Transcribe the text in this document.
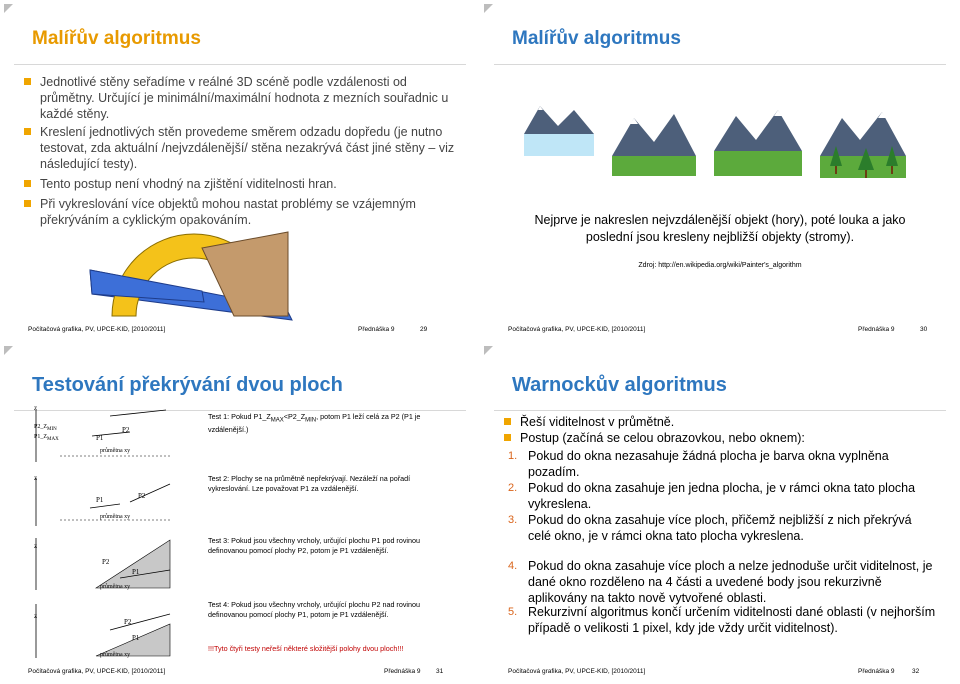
Malířův algoritmus
Jednotlivé stěny seřadíme v reálné 3D scéně podle vzdálenosti od průmětny. Určující je minimální/maximální hodnota z mezních souřadnic u každé stěny.
Kreslení jednotlivých stěn provedeme směrem odzadu dopředu (je nutno testovat, zda aktuální /nejvzdálenější/ stěna nezakrývá část jiné stěny – viz následující testy).
Tento postup není vhodný na zjištění viditelnosti hran.
Při vykreslování více objektů mohou nastat problémy se vzájemným překrýváním a cyklickým opakováním.
Počítačová grafika, PV, UPCE-KID, [2010/2011]	Přednáška 9	29
Malířův algoritmus
Nejprve je nakreslen nejvzdálenější objekt (hory), poté louka a jako poslední jsou kresleny nejbližší objekty (stromy).
Zdroj: http://en.wikipedia.org/wiki/Painter's_algorithm
Počítačová grafika, PV, UPCE-KID, [2010/2011]	Přednáška 9	30
Testování překrývání dvou ploch
z
$P2\_Z_{MIN}$
$P1\_Z_{MAX}$
P2
P1
průmětna xy
z
P1	P2
průmětna xy
z
P2
P1
průmětna xy
z
P2
P1
průmětna xy
Test 1: Pokud $P1\_Z_{MAX}<P2\_Z_{MIN}$, potom P1 leží celá za P2 (P1 je vzdálenější.)
Test 2: Plochy se na průmětně nepřekrývají. Nezáleží na pořadí vykreslování. Lze považovat P1 za vzdálenější.
Test 3: Pokud jsou všechny vrcholy, určující plochu P1 pod rovinou definovanou pomocí plochy P2, potom je P1 vzdálenější.
Test 4: Pokud jsou všechny vrcholy, určující plochu P2 nad rovinou definovanou pomocí plochy P1, potom je P1 vzdálenější.
!!!Tyto čtyři testy neřeší některé složitější polohy dvou ploch!!!
Počítačová grafika, PV, UPCE-KID, [2010/2011]	Přednáška 9 31
Warnockův algoritmus
Řeší viditelnost v průmětně.
Postup (začíná se celou obrazovkou, nebo oknem):
1. Pokud do okna nezasahuje žádná plocha je barva okna vyplněna pozadím.
2. Pokud do okna zasahuje jen jedna plocha, je v rámci okna tato plocha vykreslena.
3. Pokud do okna zasahuje více ploch, přičemž nejbližší z nich překrývá celé okno, je v rámci okna tato plocha vykreslena.
4. Pokud do okna zasahuje více ploch a nelze jednoduše určit viditelnost, je dané okno rozděleno na 4 části a uvedené body jsou rekurzivně aplikovány na takto nově vytvořené oblasti.
5. Rekurzivní algoritmus končí určením viditelnosti dané oblasti (v nejhorším případě o velikosti 1 pixel, kdy jde vždy určit viditelnost).
Počítačová grafika, PV, UPCE-KID, [2010/2011]	Přednáška 9	32
